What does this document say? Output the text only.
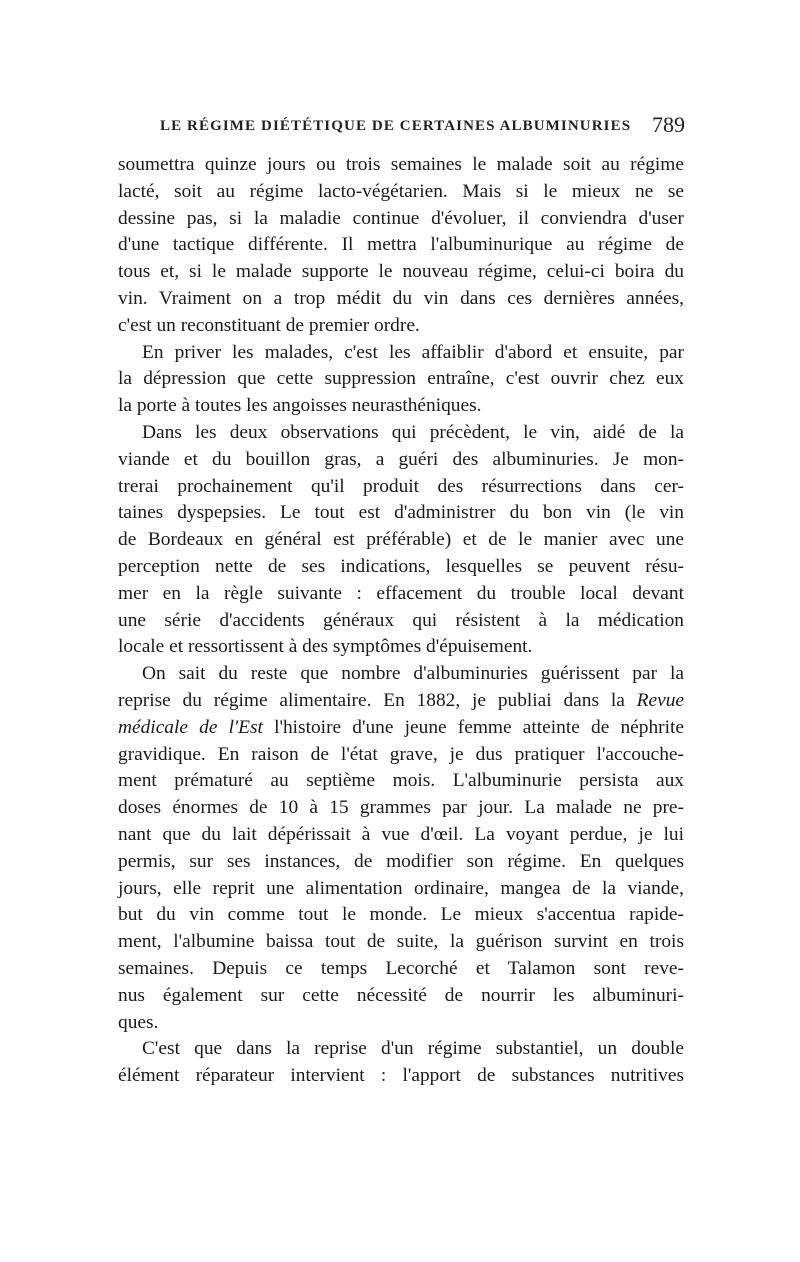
LE RÉGIME DIÉTÉTIQUE DE CERTAINES ALBUMINURIES 789
soumettra quinze jours ou trois semaines le malade soit au régime
lacté, soit au régime lacto-végétarien. Mais si le mieux ne se
dessine pas, si la maladie continue d'évoluer, il conviendra d'user
d'une tactique différente. Il mettra l'albuminurique au régime de
tous et, si le malade supporte le nouveau régime, celui-ci boira du
vin. Vraiment on a trop médit du vin dans ces dernières années,
c'est un reconstituant de premier ordre.
En priver les malades, c'est les affaiblir d'abord et ensuite, par
la dépression que cette suppression entraîne, c'est ouvrir chez eux
la porte à toutes les angoisses neurasthéniques.
Dans les deux observations qui précèdent, le vin, aidé de la
viande et du bouillon gras, a guéri des albuminuries. Je mon-
trerai prochainement qu'il produit des résurrections dans cer-
taines dyspepsies. Le tout est d'administrer du bon vin (le vin
de Bordeaux en général est préférable) et de le manier avec une
perception nette de ses indications, lesquelles se peuvent résu-
mer en la règle suivante : effacement du trouble local devant
une série d'accidents généraux qui résistent à la médication
locale et ressortissent à des symptômes d'épuisement.
On sait du reste que nombre d'albuminuries guérissent par la
reprise du régime alimentaire. En 1882, je publiai dans la Revue
médicale de l'Est l'histoire d'une jeune femme atteinte de néphrite
gravidique. En raison de l'état grave, je dus pratiquer l'accouche-
ment prématuré au septième mois. L'albuminurie persista aux
doses énormes de 10 à 15 grammes par jour. La malade ne pre-
nant que du lait dépérissait à vue d'œil. La voyant perdue, je lui
permis, sur ses instances, de modifier son régime. En quelques
jours, elle reprit une alimentation ordinaire, mangea de la viande,
but du vin comme tout le monde. Le mieux s'accentua rapide-
ment, l'albumine baissa tout de suite, la guérison survint en trois
semaines. Depuis ce temps Lecorché et Talamon sont reve-
nus également sur cette nécessité de nourrir les albuminuri-
ques.
C'est que dans la reprise d'un régime substantiel, un double
élément réparateur intervient : l'apport de substances nutritives
